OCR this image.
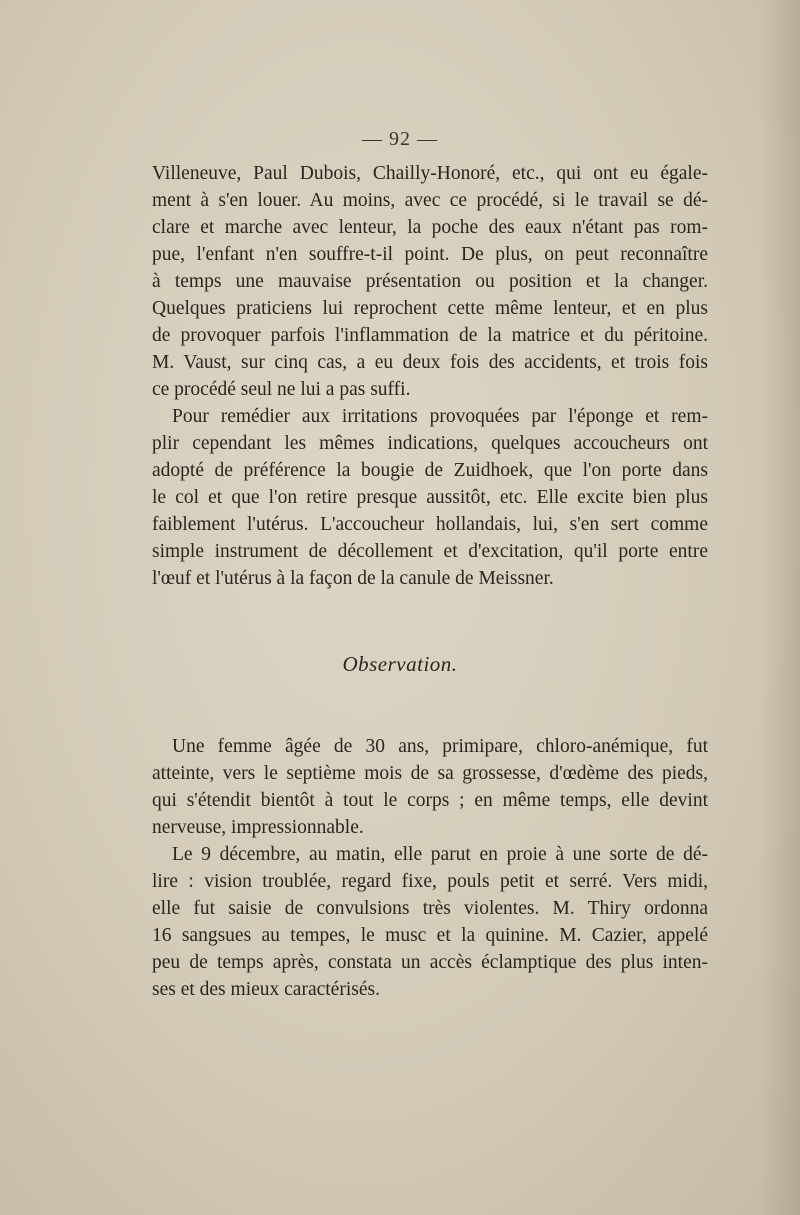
— 92 —
Villeneuve, Paul Dubois, Chailly-Honoré, etc., qui ont eu égale-
ment à s'en louer. Au moins, avec ce procédé, si le travail se dé-
clare et marche avec lenteur, la poche des eaux n'étant pas rom-
pue, l'enfant n'en souffre-t-il point. De plus, on peut reconnaître
à temps une mauvaise présentation ou position et la changer.
Quelques praticiens lui reprochent cette même lenteur, et en plus
de provoquer parfois l'inflammation de la matrice et du péritoine.
M. Vaust, sur cinq cas, a eu deux fois des accidents, et trois fois
ce procédé seul ne lui a pas suffi.
Pour remédier aux irritations provoquées par l'éponge et rem-
plir cependant les mêmes indications, quelques accoucheurs ont
adopté de préférence la bougie de Zuidhoek, que l'on porte dans
le col et que l'on retire presque aussitôt, etc. Elle excite bien plus
faiblement l'utérus. L'accoucheur hollandais, lui, s'en sert comme
simple instrument de décollement et d'excitation, qu'il porte entre
l'œuf et l'utérus à la façon de la canule de Meissner.
Observation.
Une femme âgée de 30 ans, primipare, chloro-anémique, fut
atteinte, vers le septième mois de sa grossesse, d'œdème des pieds,
qui s'étendit bientôt à tout le corps ; en même temps, elle devint
nerveuse, impressionnable.
Le 9 décembre, au matin, elle parut en proie à une sorte de dé-
lire : vision troublée, regard fixe, pouls petit et serré. Vers midi,
elle fut saisie de convulsions très violentes. M. Thiry ordonna
16 sangsues au tempes, le musc et la quinine. M. Cazier, appelé
peu de temps après, constata un accès éclamptique des plus inten-
ses et des mieux caractérisés.
